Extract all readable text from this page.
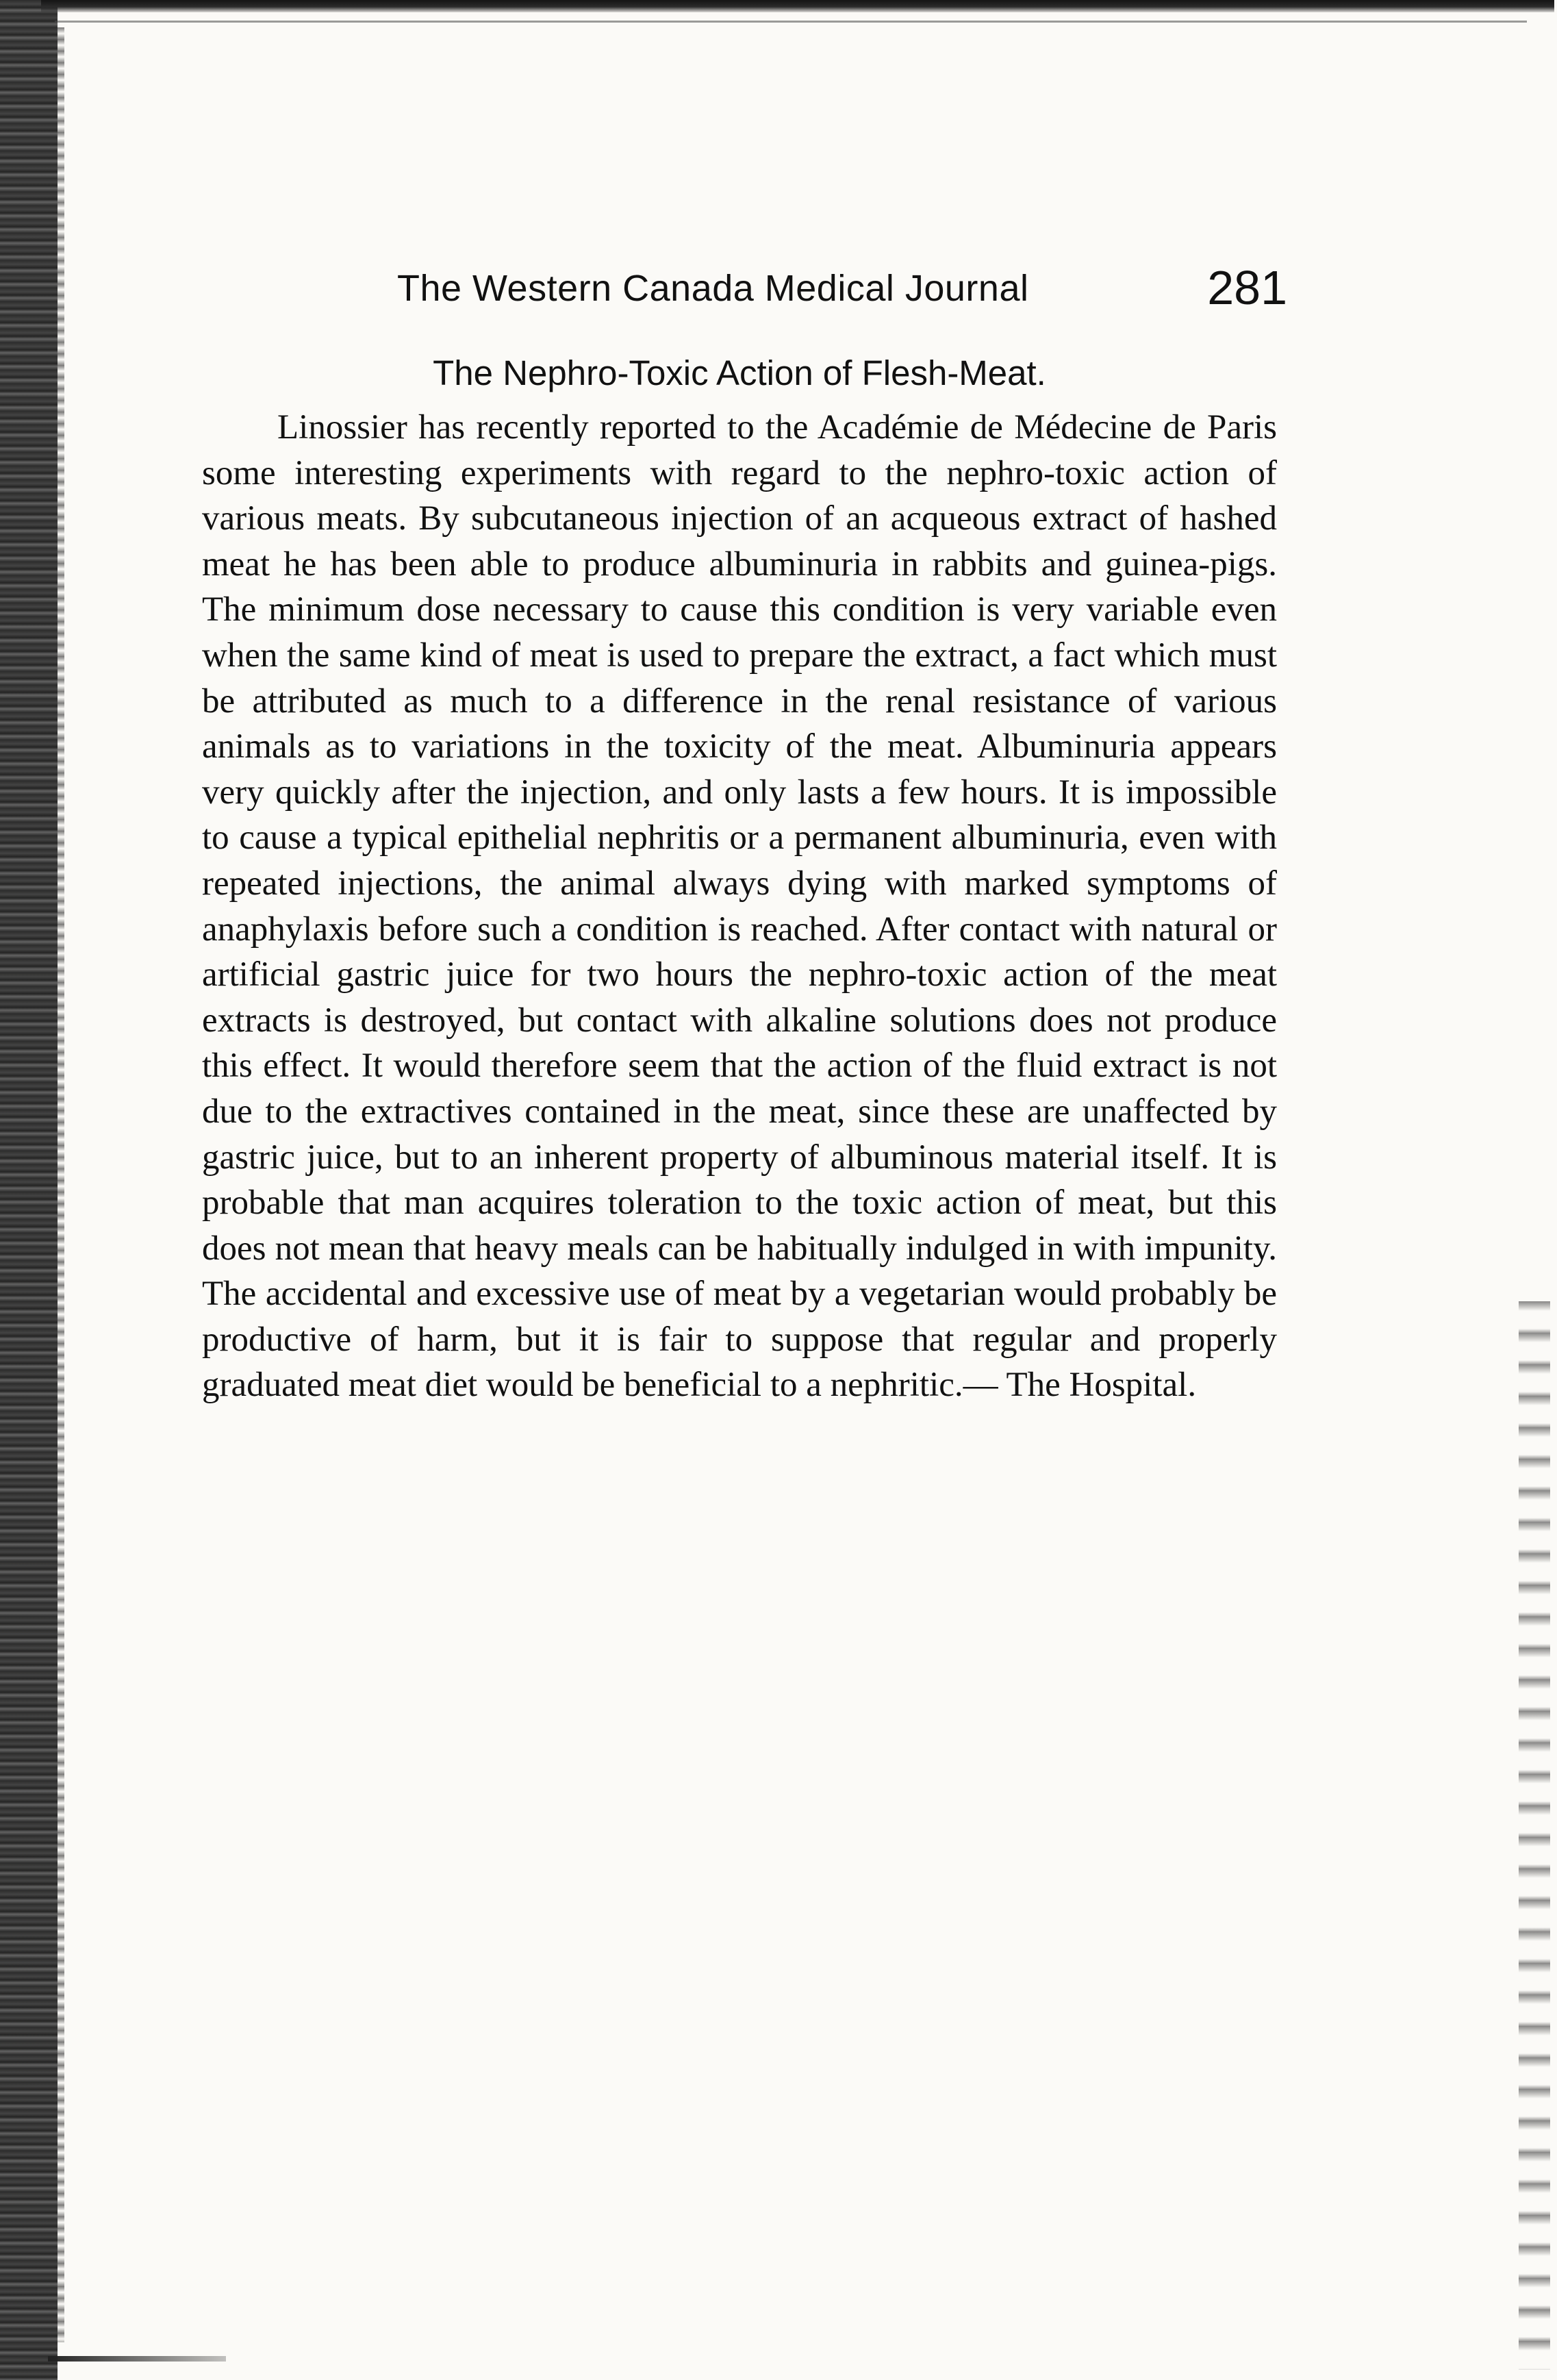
The Western Canada Medical Journal	281
The Nephro-Toxic Action of Flesh-Meat.

Linossier has recently reported to the Académie de Médecine de Paris some interesting experiments with regard to the nephro-toxic action of various meats. By subcutaneous injection of an acqueous extract of hashed meat he has been able to produce albuminuria in rabbits and guinea-pigs. The minimum dose necessary to cause this condition is very variable even when the same kind of meat is used to prepare the extract, a fact which must be attributed as much to a difference in the renal resistance of various animals as to variations in the toxicity of the meat. Albuminuria appears very quickly after the injection, and only lasts a few hours. It is impossible to cause a typical epithelial nephritis or a permanent albuminuria, even with repeated injections, the animal always dying with marked symptoms of anaphylaxis before such a condition is reached. After contact with natural or artificial gastric juice for two hours the nephro-toxic action of the meat extracts is destroyed, but contact with alkaline solutions does not produce this effect. It would therefore seem that the action of the fluid extract is not due to the extractives contained in the meat, since these are unaffected by gastric juice, but to an inherent property of albuminous material itself. It is probable that man acquires toleration to the toxic action of meat, but this does not mean that heavy meals can be habitually indulged in with impunity. The accidental and excessive use of meat by a vegetarian would probably be productive of harm, but it is fair to suppose that regular and properly graduated meat diet would be beneficial to a nephritic.— The Hospital.
